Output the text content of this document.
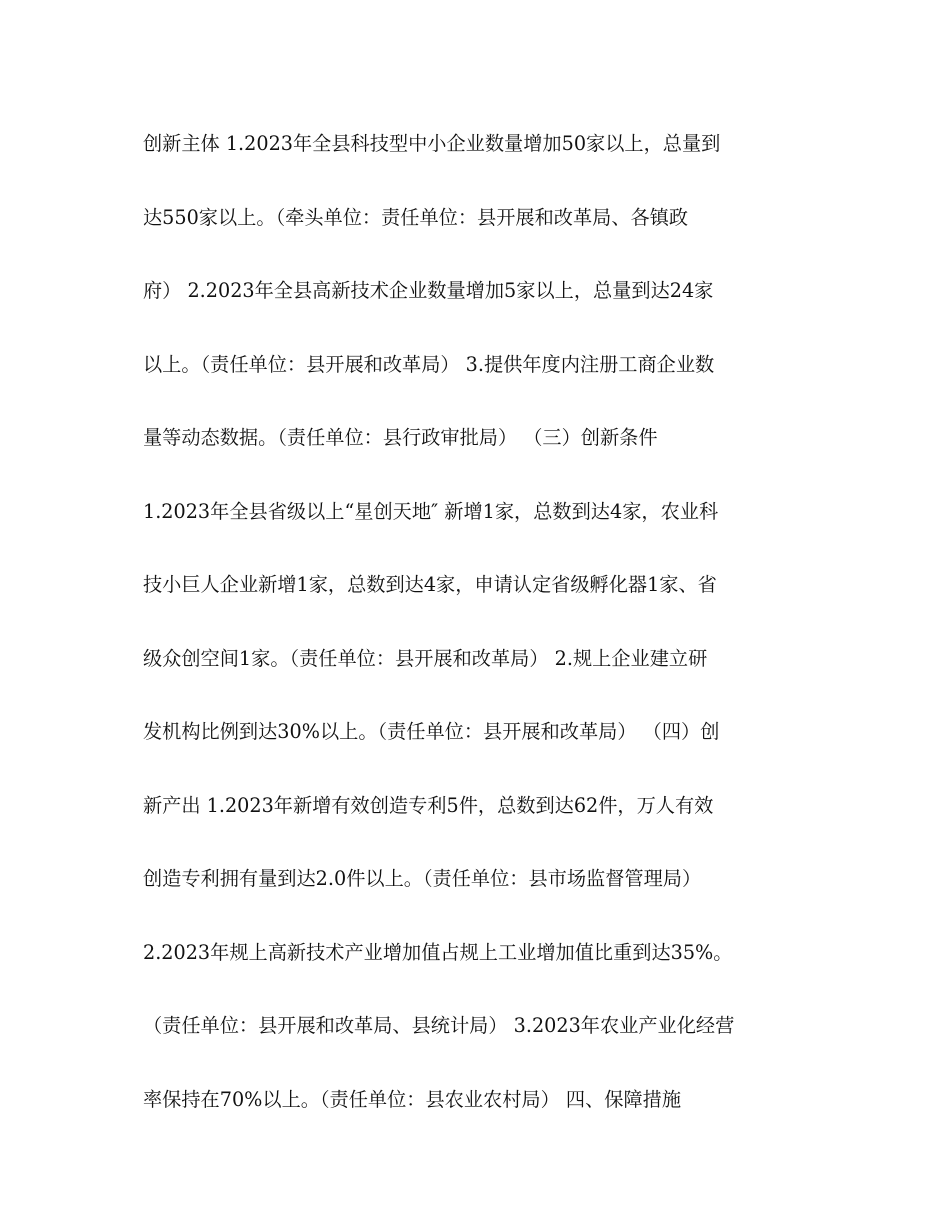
创新主体 1.2023年全县科技型中小企业数量增加50家以上，总量到
达550家以上。（牵头单位：责任单位：县开展和改革局、各镇政
府） 2.2023年全县高新技术企业数量增加5家以上，总量到达24家
以上。（责任单位：县开展和改革局） 3.提供年度内注册工商企业数
量等动态数据。（责任单位：县行政审批局） （三）创新条件
1.2023年全县省级以上“星创天地″ 新增1家，总数到达4家，农业科
技小巨人企业新增1家，总数到达4家，申请认定省级孵化器1家、省
级众创空间1家。（责任单位：县开展和改革局） 2.规上企业建立研
发机构比例到达30%以上。（责任单位：县开展和改革局） （四）创
新产出 1.2023年新增有效创造专利5件，总数到达62件，万人有效
创造专利拥有量到达2.0件以上。（责任单位：县市场监督管理局）
2.2023年规上高新技术产业增加值占规上工业增加值比重到达35%。
（责任单位：县开展和改革局、县统计局） 3.2023年农业产业化经营
率保持在70%以上。（责任单位：县农业农村局） 四、保障措施
